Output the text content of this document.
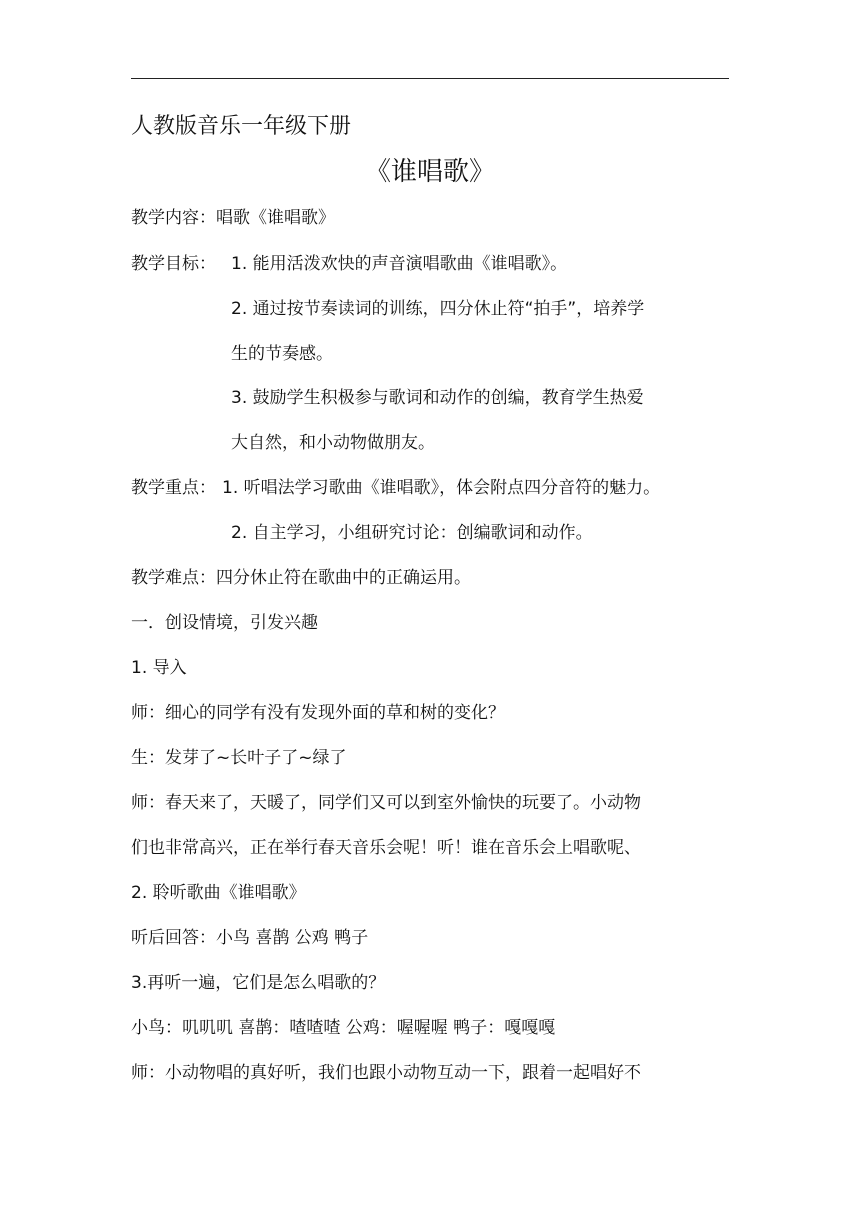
人教版音乐一年级下册
《谁唱歌》
教学内容：唱歌《谁唱歌》
教学目标： 1. 能用活泼欢快的声音演唱歌曲《谁唱歌》。
2. 通过按节奏读词的训练，四分休止符“拍手”，培养学
生的节奏感。
3. 鼓励学生积极参与歌词和动作的创编，教育学生热爱
大自然，和小动物做朋友。
教学重点： 1. 听唱法学习歌曲《谁唱歌》，体会附点四分音符的魅力。
2. 自主学习，小组研究讨论：创编歌词和动作。
教学难点：四分休止符在歌曲中的正确运用。
一．创设情境，引发兴趣
1. 导入
师：细心的同学有没有发现外面的草和树的变化？
生：发芽了~长叶子了~绿了
师：春天来了，天暖了，同学们又可以到室外愉快的玩要了。小动物
们也非常高兴，正在举行春天音乐会呢！听！谁在音乐会上唱歌呢、
2. 聆听歌曲《谁唱歌》
听后回答：小鸟 喜鹊 公鸡 鸭子
3.再听一遍，它们是怎么唱歌的？
小鸟：叽叽叽 喜鹊：喳喳喳 公鸡：喔喔喔 鸭子：嘎嘎嘎
师：小动物唱的真好听，我们也跟小动物互动一下，跟着一起唱好不
